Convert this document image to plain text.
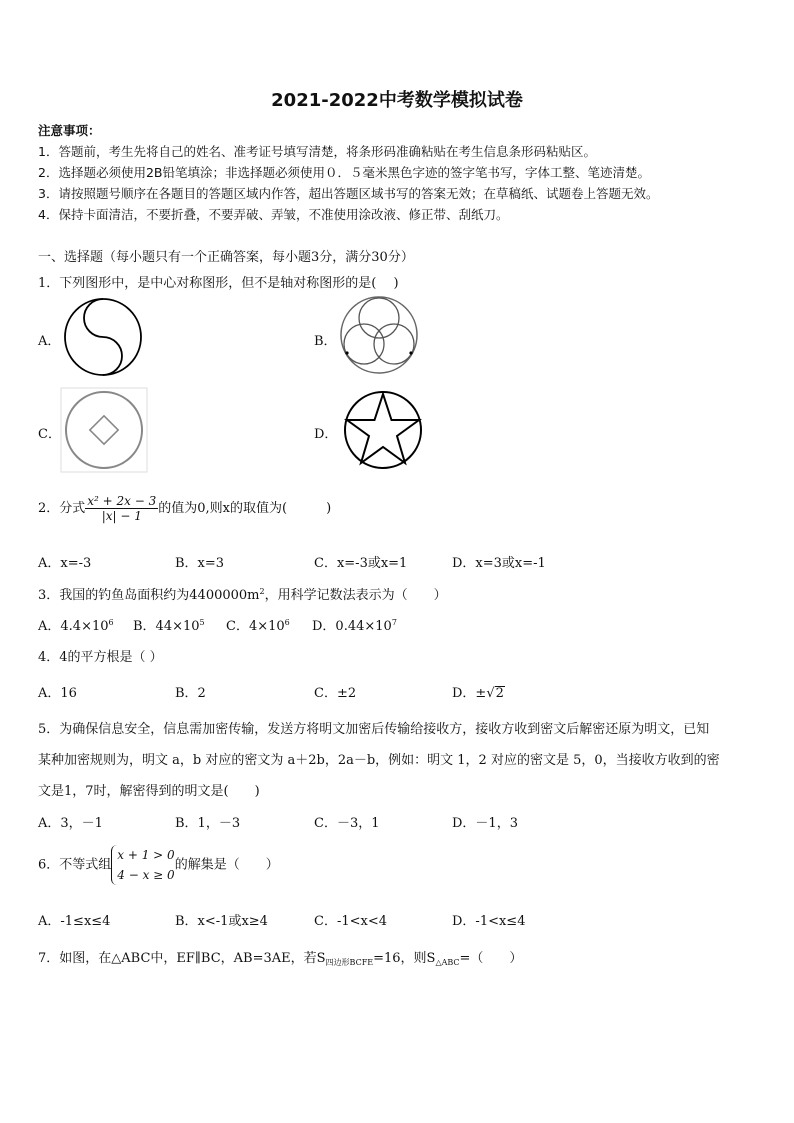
2021-2022中考数学模拟试卷
注意事项：
1．答题前，考生先将自己的姓名、准考证号填写清楚，将条形码准确粘贴在考生信息条形码粘贴区。
2．选择题必须使用2B铅笔填涂；非选择题必须使用０．５毫米黑色字迹的签字笔书写，字体工整、笔迹清楚。
3．请按照题号顺序在各题目的答题区域内作答，超出答题区域书写的答案无效；在草稿纸、试题卷上答题无效。
4．保持卡面清洁，不要折叠，不要弄破、弄皱，不准使用涂改液、修正带、刮纸刀。
一、选择题（每小题只有一个正确答案，每小题3分，满分30分）
1．下列图形中，是中心对称图形，但不是轴对称图形的是(　 )
A．	B．
C．	D．
2．分式 $\frac{\text{x² + 2x − 3}}{|x| - 1}$ 的值为0,则x的取值为(　　　)
A．x=-3	B．x=3	C．x=-3或x=1	D．x=3或x=-1
3．我国的钓鱼岛面积约为$4400000m^2$，用科学记数法表示为（　　）
A．$4.4\times 10^6$ B．$44\times 10^5$ C．$4\times 10^6$ D．$0.44\times 10^7$
4．4的平方根是（ ）
A．16	B．2	C．±2	D．±√2
5．为确保信息安全，信息需加密传输，发送方将明文加密后传输给接收方，接收方收到密文后解密还原为明文，已知
某种加密规则为，明文 a，b 对应的密文为 a＋2b，2a－b，例如：明文 1，2 对应的密文是 5，0，当接收方收到的密
文是1，7时，解密得到的明文是(　　)
A．3，－1	B．1，－3	C．－3，1	D．－1，3
6．不等式组
x + 1 > 0
4 − x ≥ 0
的解集是（　　）
A．-1≤x≤4	B．x<-1或x≥4	C．-1<x<4	D．-1<x≤4
7．如图，在△ABC中，EF∥BC，AB=3AE，若$S_{四边形BCFE}=16$，则$S_{\triangle ABC}=$（　　）
